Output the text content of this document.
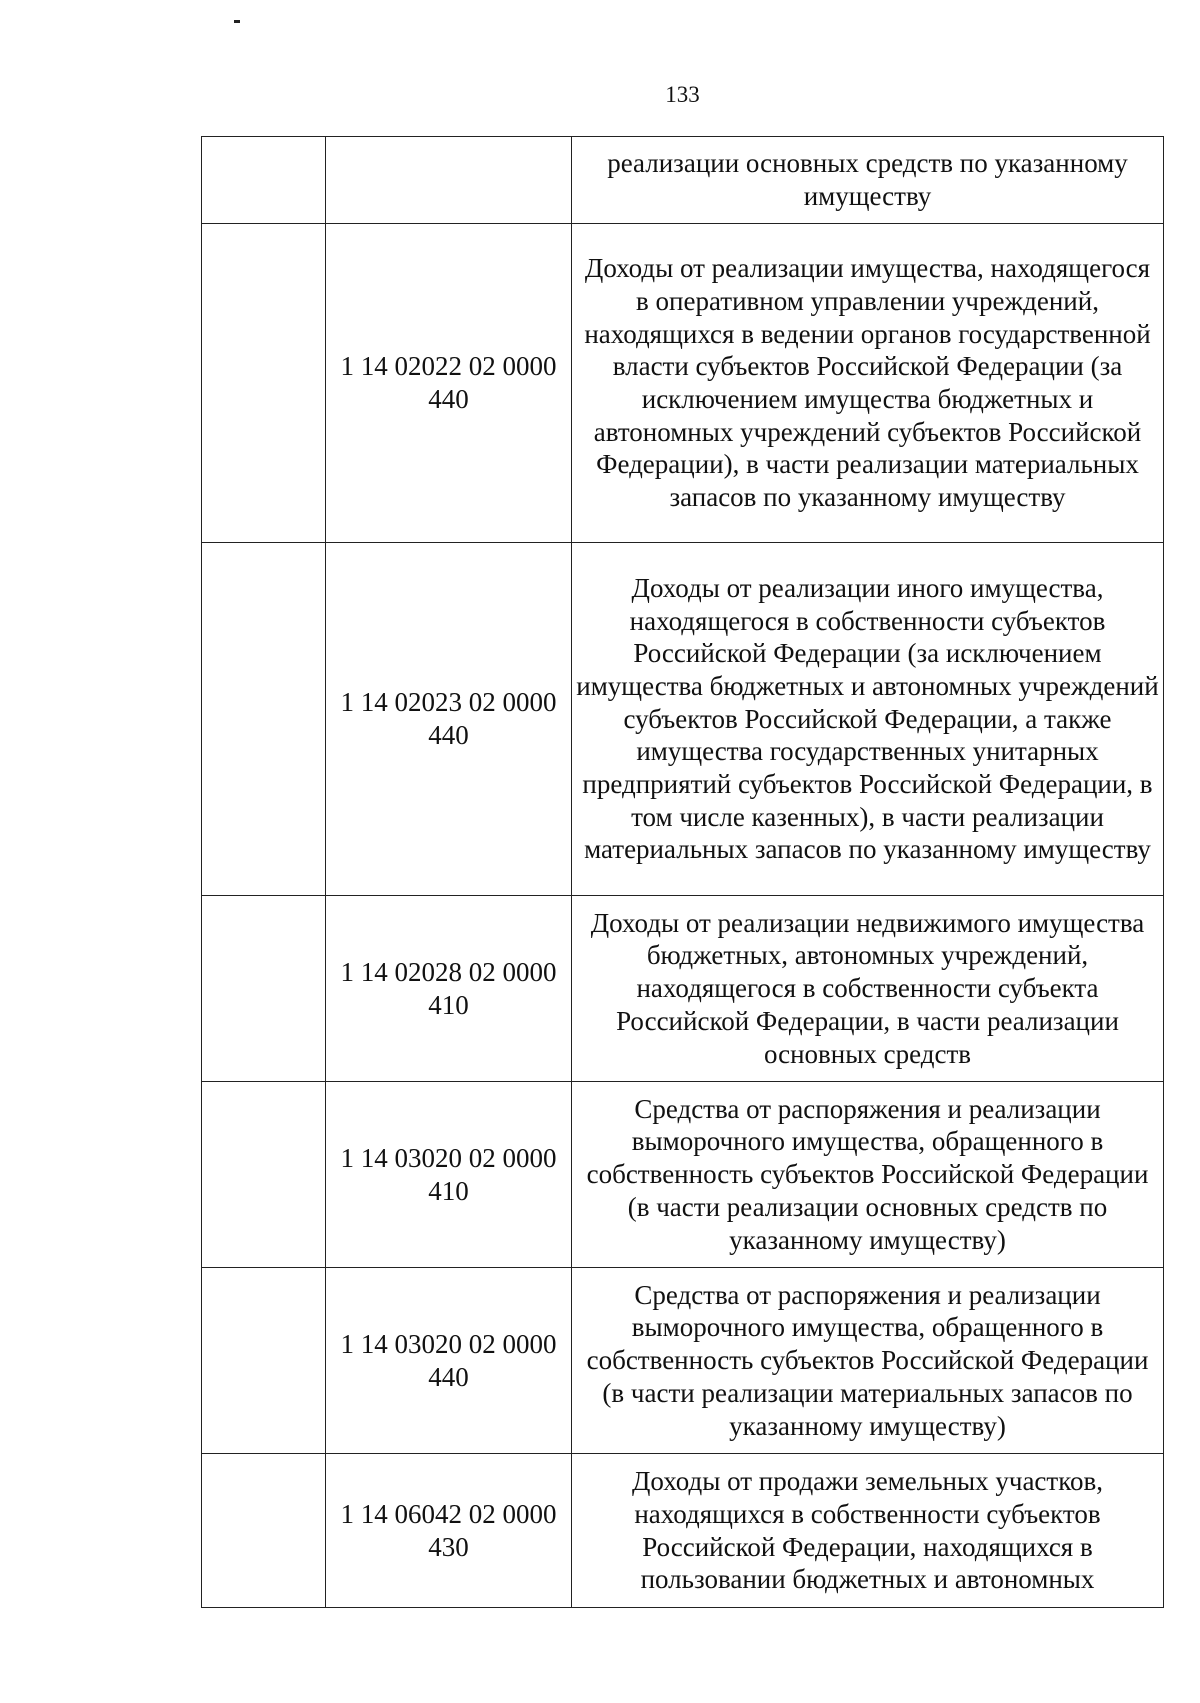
133
		реализации основных средств по указанному имуществу
	1 14 02022 02 0000 440	Доходы от реализации имущества, находящегося в оперативном управлении учреждений, находящихся в ведении органов государственной власти субъектов Российской Федерации (за исключением имущества бюджетных и автономных учреждений субъектов Российской Федерации), в части реализации материальных запасов по указанному имуществу
	1 14 02023 02 0000 440	Доходы от реализации иного имущества, находящегося в собственности субъектов Российской Федерации (за исключением имущества бюджетных и автономных учреждений субъектов Российской Федерации, а также имущества государственных унитарных предприятий субъектов Российской Федерации, в том числе казенных), в части реализации материальных запасов по указанному имуществу
	1 14 02028 02 0000 410	Доходы от реализации недвижимого имущества бюджетных, автономных учреждений, находящегося в собственности субъекта Российской Федерации, в части реализации основных средств
	1 14 03020 02 0000 410	Средства от распоряжения и реализации выморочного имущества, обращенного в собственность субъектов Российской Федерации (в части реализации основных средств по указанному имуществу)
	1 14 03020 02 0000 440	Средства от распоряжения и реализации выморочного имущества, обращенного в собственность субъектов Российской Федерации (в части реализации материальных запасов по указанному имуществу)
	1 14 06042 02 0000 430	Доходы от продажи земельных участков, находящихся в собственности субъектов Российской Федерации, находящихся в пользовании бюджетных и автономных
